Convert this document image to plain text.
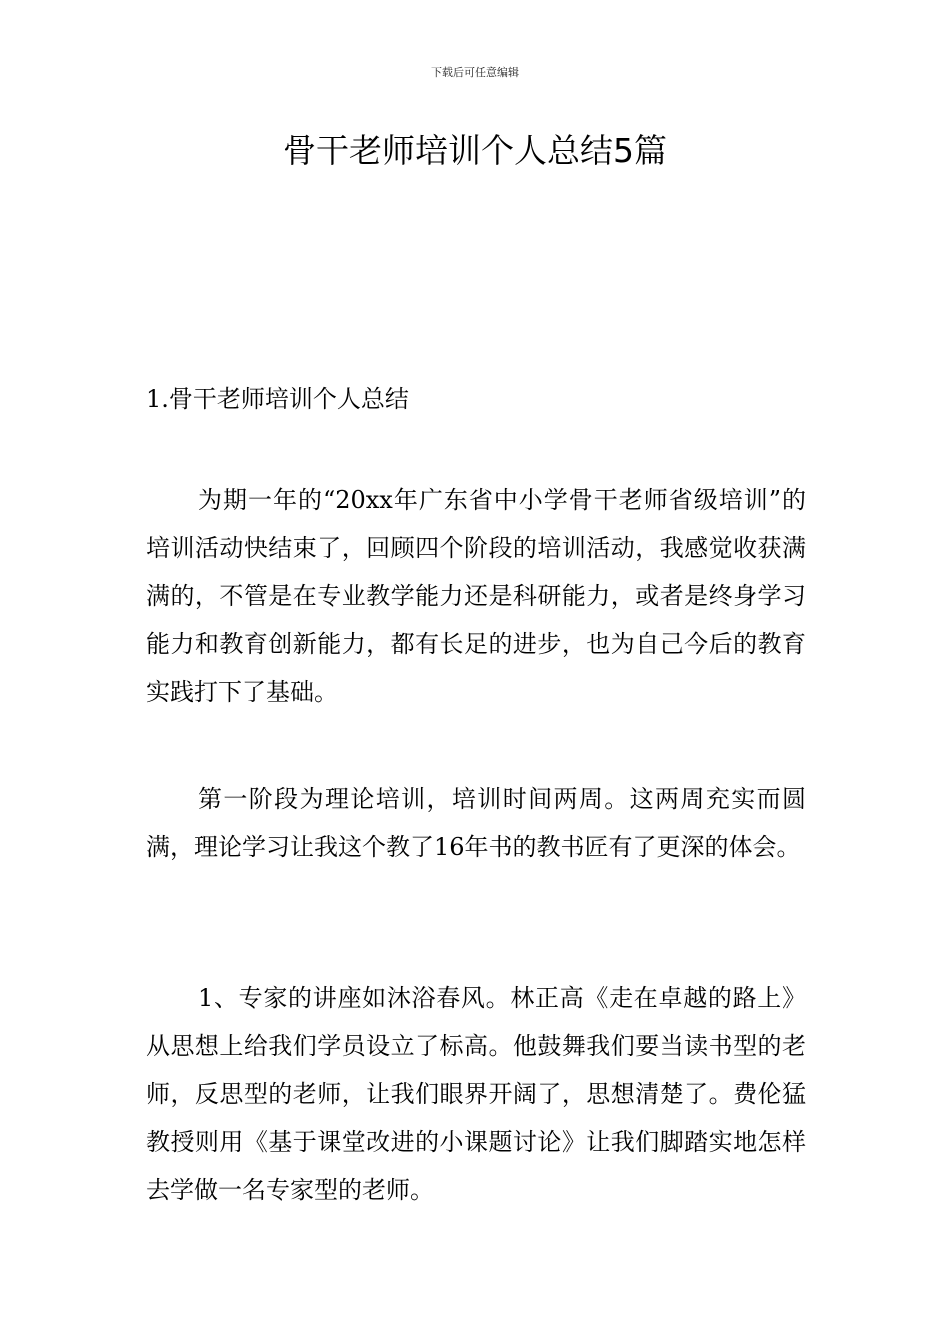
下载后可任意编辑
骨干老师培训个人总结5篇
1.骨干老师培训个人总结

为期一年的“20xx年广东省中小学骨干老师省级培训”的培训活动快结束了，回顾四个阶段的培训活动，我感觉收获满满的，不管是在专业教学能力还是科研能力，或者是终身学习能力和教育创新能力，都有长足的进步，也为自己今后的教育实践打下了基础。

第一阶段为理论培训，培训时间两周。这两周充实而圆满，理论学习让我这个教了16年书的教书匠有了更深的体会。

1、专家的讲座如沐浴春风。林正高《走在卓越的路上》从思想上给我们学员设立了标高。他鼓舞我们要当读书型的老师，反思型的老师，让我们眼界开阔了，思想清楚了。费伦猛教授则用《基于课堂改进的小课题讨论》让我们脚踏实地怎样去学做一名专家型的老师。
